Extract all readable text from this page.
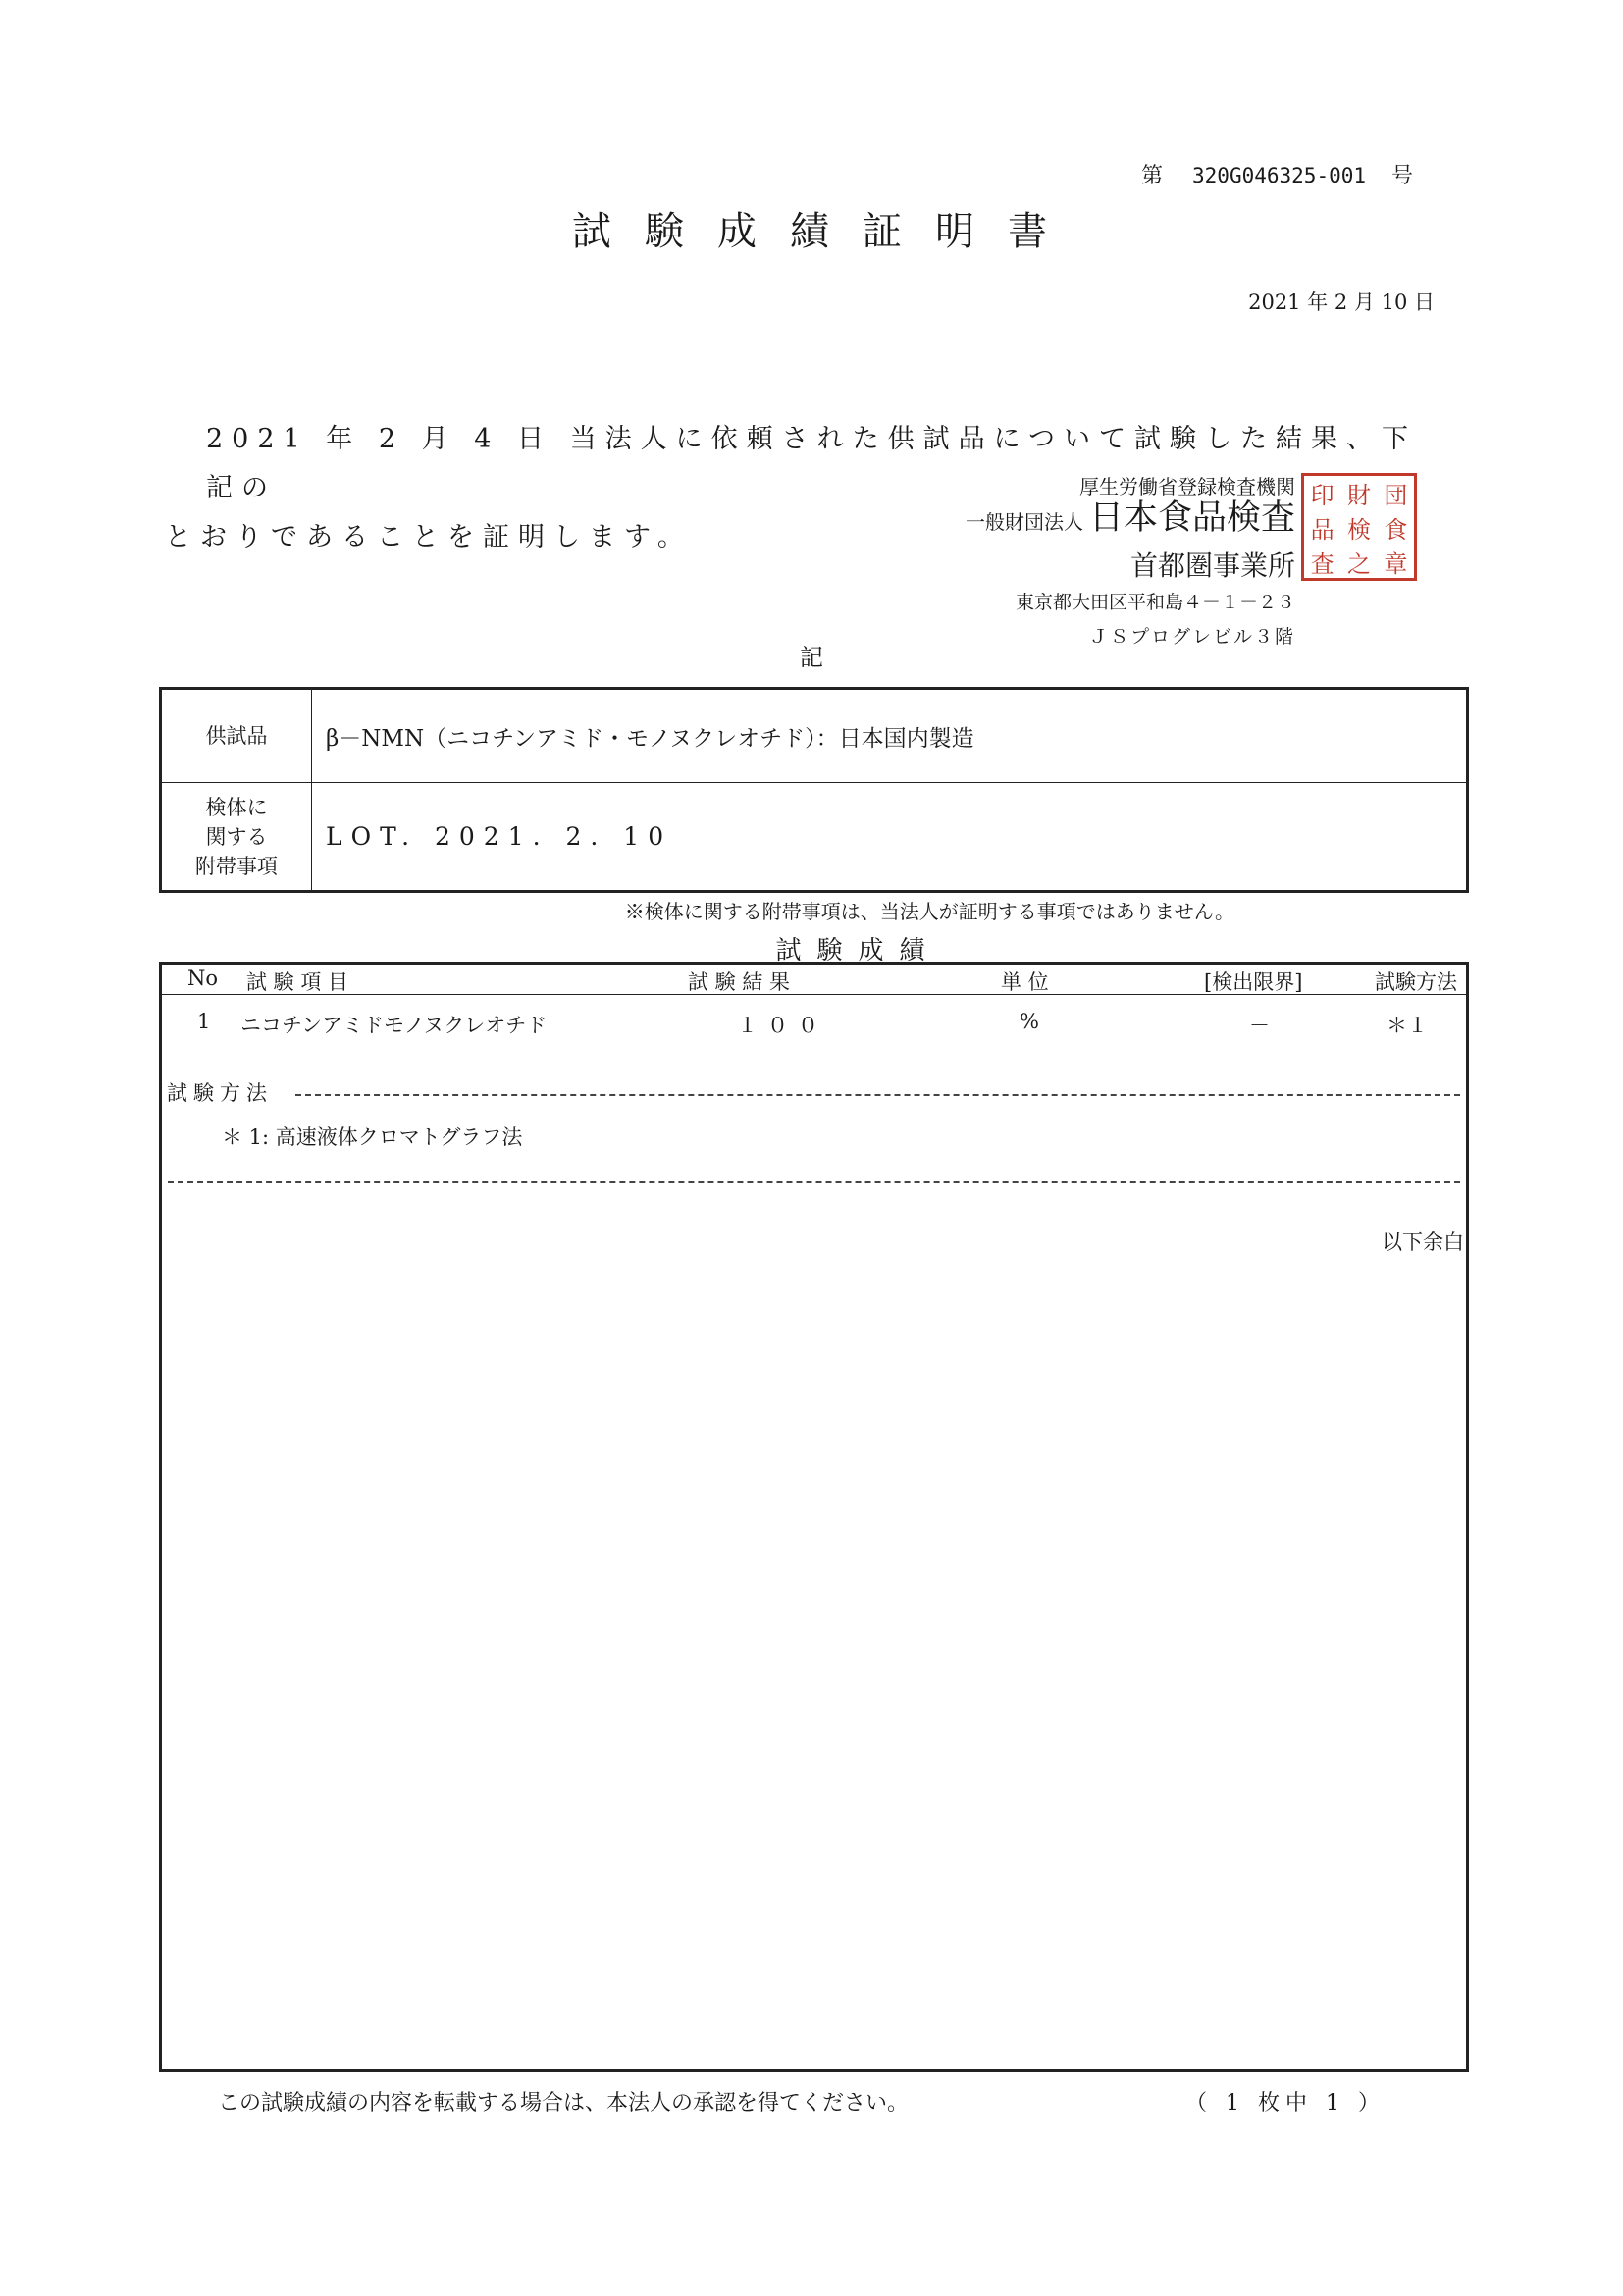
第 320G046325-001 号
試験成績証明書
2021 年 2 月 10 日

2021 年 2 月 4 日 当法人に依頼された供試品について試験した結果、下記の

とおりであることを証明します。

厚生労働省登録検査機関
一般財団法人 日本食品検査
首都圏事業所
東京都大田区平和島４－１－２３
ＪＳプログレビル３階
印 財 団
品 検 食
査 之 章
記
供試品	β－NMN（ニコチンアミド・モノヌクレオチド）：日本国内製造

検体に
関する
附帯事項	LOT. 2021. 2. 10
※検体に関する附帯事項は、当法人が証明する事項ではありません。
試験成績
No 試 験 項 目	試 験 結 果	単 位	[検出限界]	試験方法
1 ニコチンアミドモノヌクレオチド	１００	%	－	＊１
試験方法
＊ 1: 高速液体クロマトグラフ法
以下余白
この試験成績の内容を転載する場合は、本法人の承認を得てください。	（ 1 枚中 1 ）
